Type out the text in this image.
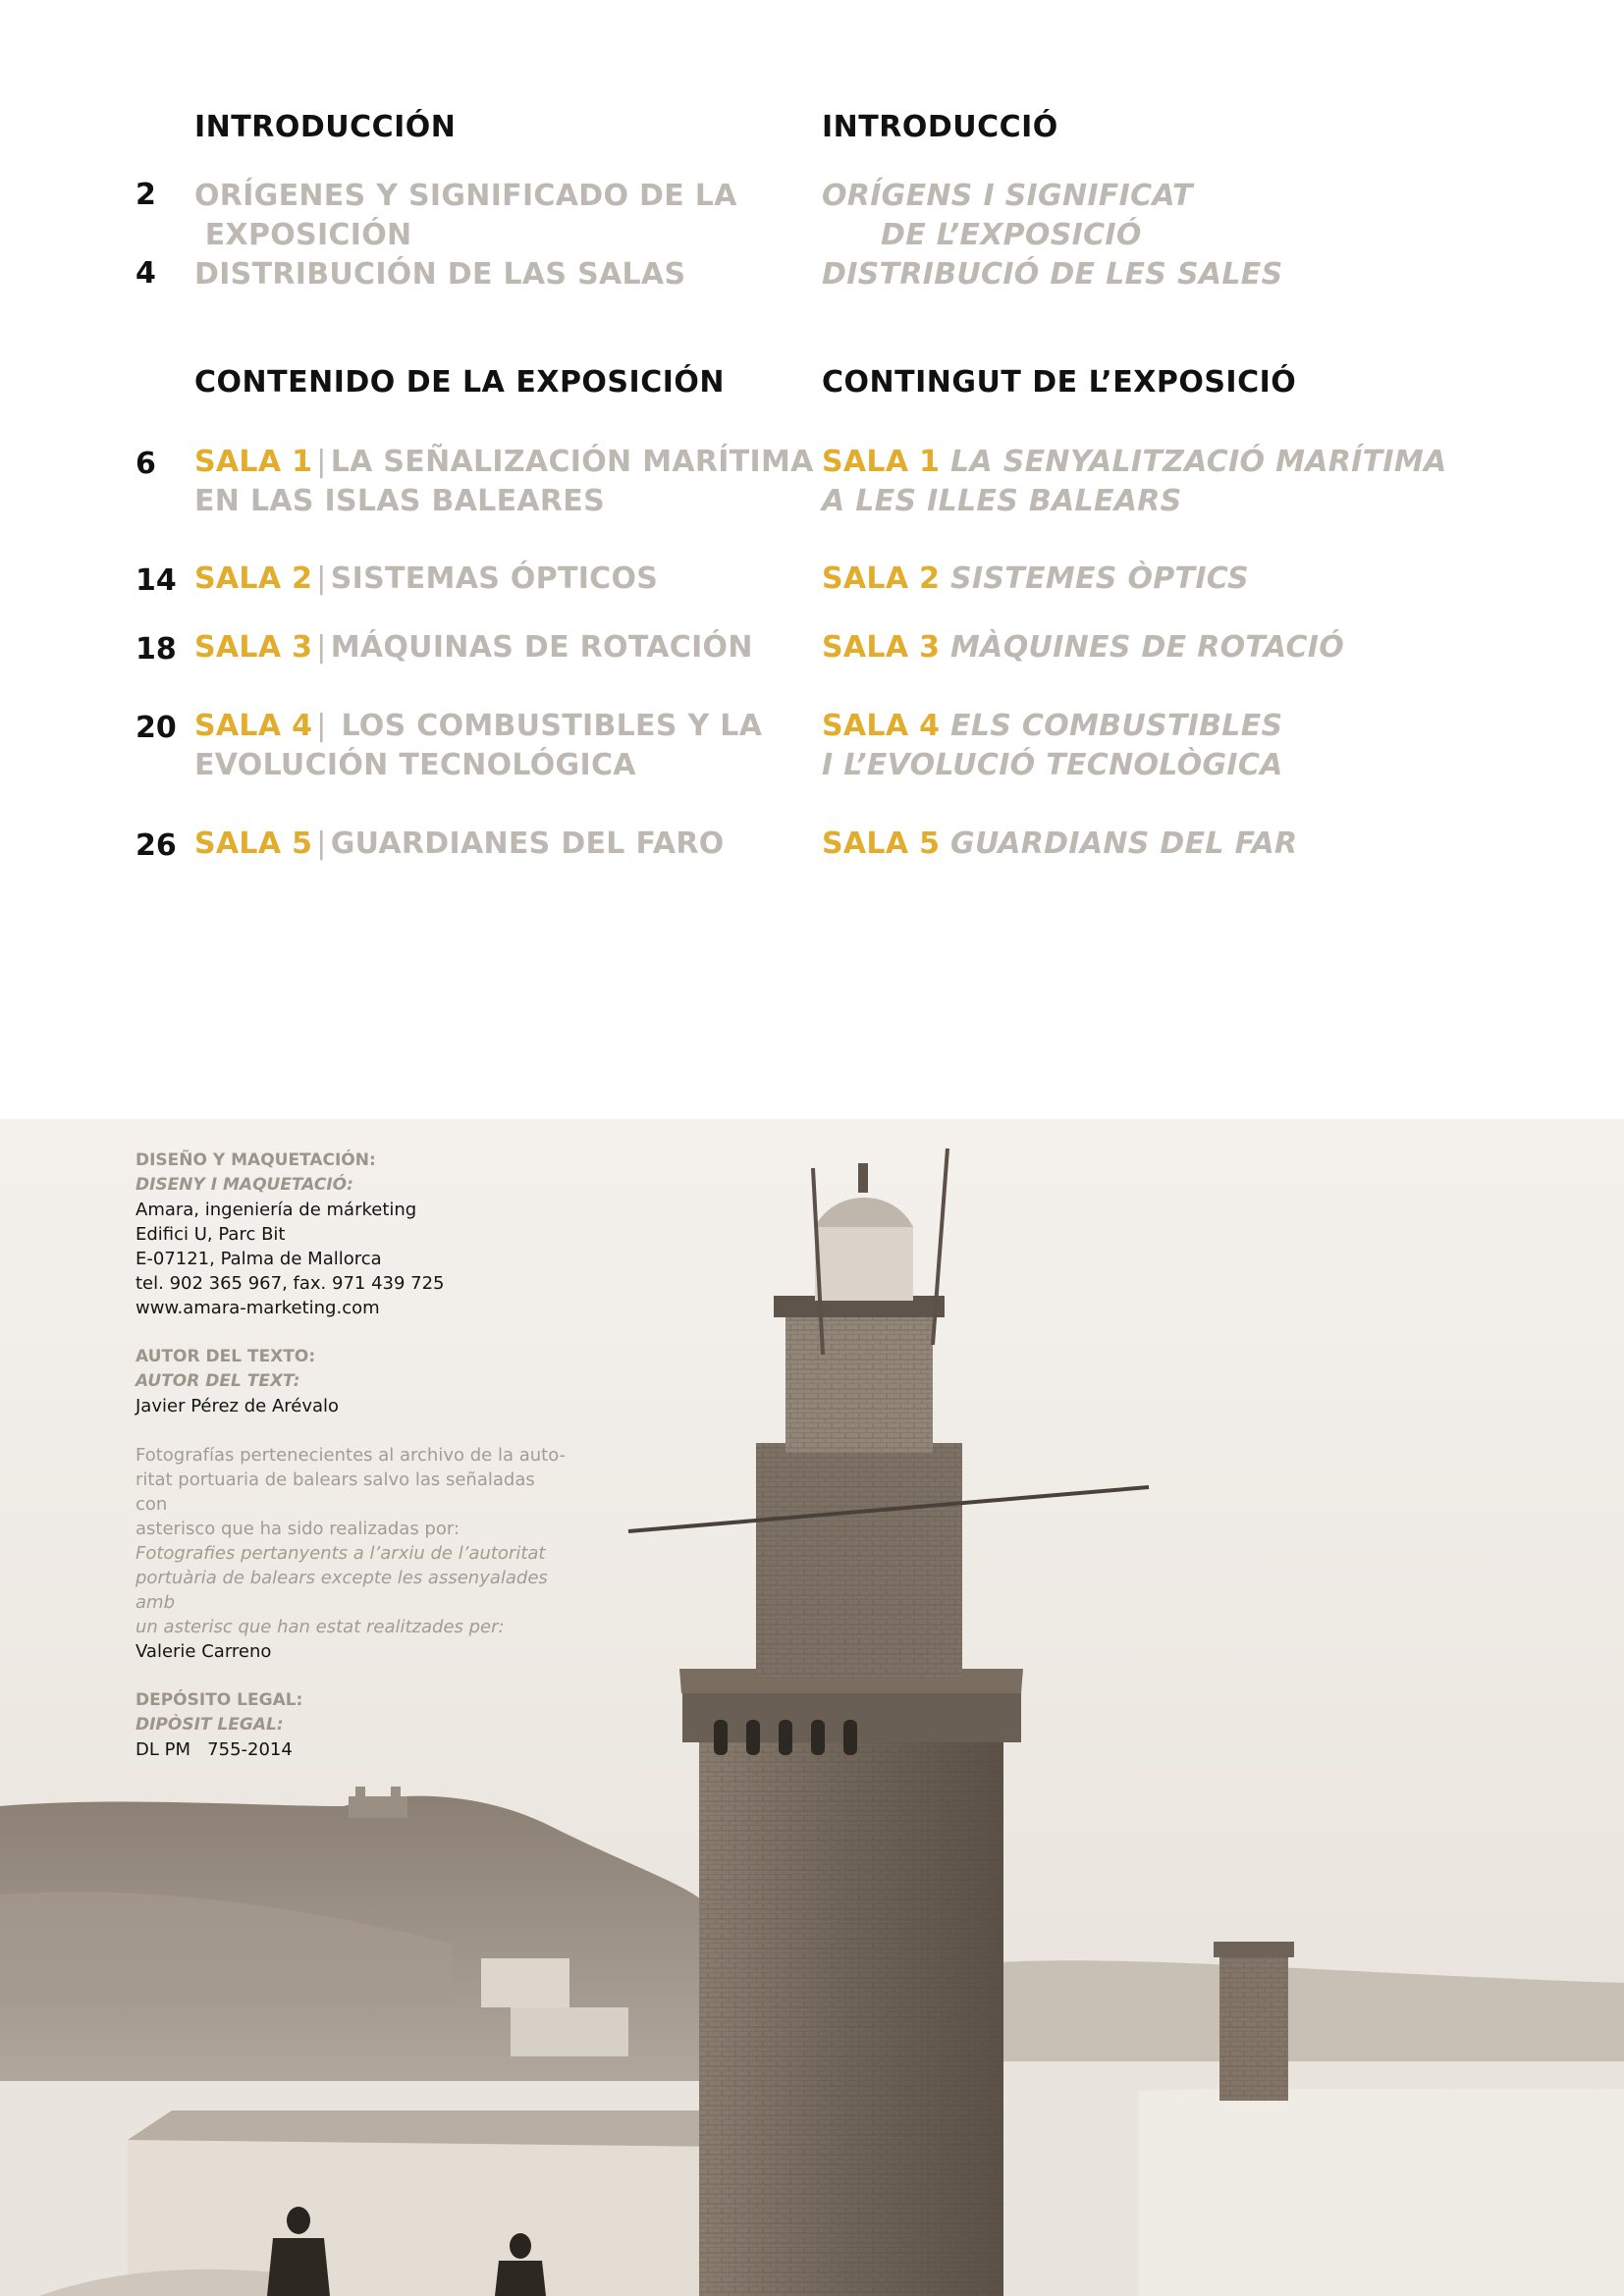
INTRODUCCIÓN
2 ORÍGENES Y SIGNIFICADO DE LA
EXPOSICIÓN
4 DISTRIBUCIÓN DE LAS SALAS
CONTENIDO DE LA EXPOSICIÓN
6 SALA 1 | LA SEÑALIZACIÓN MARÍTIMA
EN LAS ISLAS BALEARES
14 SALA 2 | SISTEMAS ÓPTICOS
18 SALA 3 | MÁQUINAS DE ROTACIÓN
20 SALA 4 | LOS COMBUSTIBLES Y LA
EVOLUCIÓN TECNOLÓGICA
26 SALA 5 | GUARDIANES DEL FARO
INTRODUCCIÓ
ORÍGENS I SIGNIFICAT
DE L’EXPOSICIÓ
DISTRIBUCIÓ DE LES SALES
CONTINGUT DE L’EXPOSICIÓ
SALA 1 LA SENYALITZACIÓ MARÍTIMA
A LES ILLES BALEARS
SALA 2 SISTEMES ÒPTICS
SALA 3 MÀQUINES DE ROTACIÓ
SALA 4 ELS COMBUSTIBLES
I L’EVOLUCIÓ TECNOLÒGICA
SALA 5 GUARDIANS DEL FAR
DISEÑO Y MAQUETACIÓN:
DISENY I MAQUETACIÓ:
Amara, ingeniería de márketing
Edifici U, Parc Bit
E-07121, Palma de Mallorca
tel. 902 365 967, fax. 971 439 725
www.amara-marketing.com
AUTOR DEL TEXTO:
AUTOR DEL TEXT:
Javier Pérez de Arévalo
Fotografías pertenecientes al archivo de la auto-
ritat portuaria de balears salvo las señaladas con
asterisco que ha sido realizadas por:
Fotografies pertanyents a l’arxiu de l’autoritat
portuària de balears excepte les assenyalades amb
un asterisc que han estat realitzades per:
Valerie Carreno
DEPÓSITO LEGAL:
DIPÒSIT LEGAL:
DL PM   755-2014
